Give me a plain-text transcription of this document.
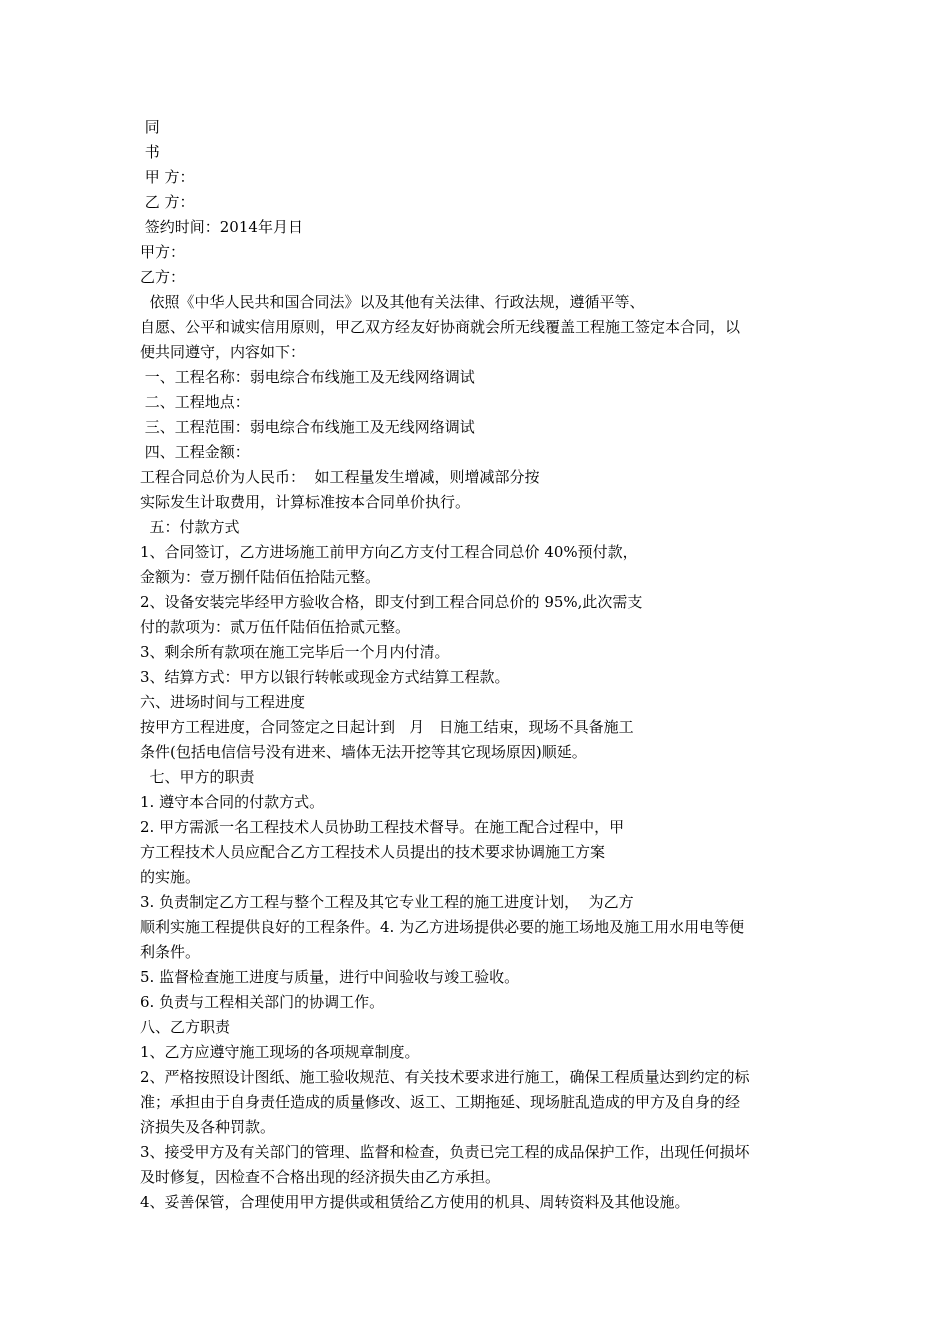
同
书
甲 方：
乙 方：
签约时间：2014年月日
甲方：
乙方：
依照《中华人民共和国合同法》以及其他有关法律、行政法规，遵循平等、
自愿、公平和诚实信用原则，甲乙双方经友好协商就会所无线覆盖工程施工签定本合同，以
便共同遵守，内容如下：
一、工程名称：弱电综合布线施工及无线网络调试
二、工程地点：
三、工程范围：弱电综合布线施工及无线网络调试
四、工程金额：
工程合同总价为人民币：  如工程量发生增减，则增减部分按
实际发生计取费用，计算标准按本合同单价执行。
五：付款方式
1、合同签订，乙方进场施工前甲方向乙方支付工程合同总价 40%预付款，
金额为：壹万捌仟陆佰伍拾陆元整。
2、设备安装完毕经甲方验收合格，即支付到工程合同总价的 95%,此次需支
付的款项为：贰万伍仟陆佰伍拾贰元整。
3、剩余所有款项在施工完毕后一个月内付清。
3、结算方式：甲方以银行转帐或现金方式结算工程款。
六、进场时间与工程进度
按甲方工程进度，合同签定之日起计到   月   日施工结束，现场不具备施工
条件(包括电信信号没有进来、墙体无法开挖等其它现场原因)顺延。
七、甲方的职责
1. 遵守本合同的付款方式。
2. 甲方需派一名工程技术人员协助工程技术督导。在施工配合过程中，甲
方工程技术人员应配合乙方工程技术人员提出的技术要求协调施工方案
的实施。
3. 负责制定乙方工程与整个工程及其它专业工程的施工进度计划，  为乙方
顺利实施工程提供良好的工程条件。4. 为乙方进场提供必要的施工场地及施工用水用电等便
利条件。
5. 监督检查施工进度与质量，进行中间验收与竣工验收。
6. 负责与工程相关部门的协调工作。
八、乙方职责
1、乙方应遵守施工现场的各项规章制度。
2、严格按照设计图纸、施工验收规范、有关技术要求进行施工，确保工程质量达到约定的标
准；承担由于自身责任造成的质量修改、返工、工期拖延、现场脏乱造成的甲方及自身的经
济损失及各种罚款。
3、接受甲方及有关部门的管理、监督和检查，负责已完工程的成品保护工作，出现任何损坏
及时修复，因检查不合格出现的经济损失由乙方承担。
4、妥善保管，合理使用甲方提供或租赁给乙方使用的机具、周转资料及其他设施。
